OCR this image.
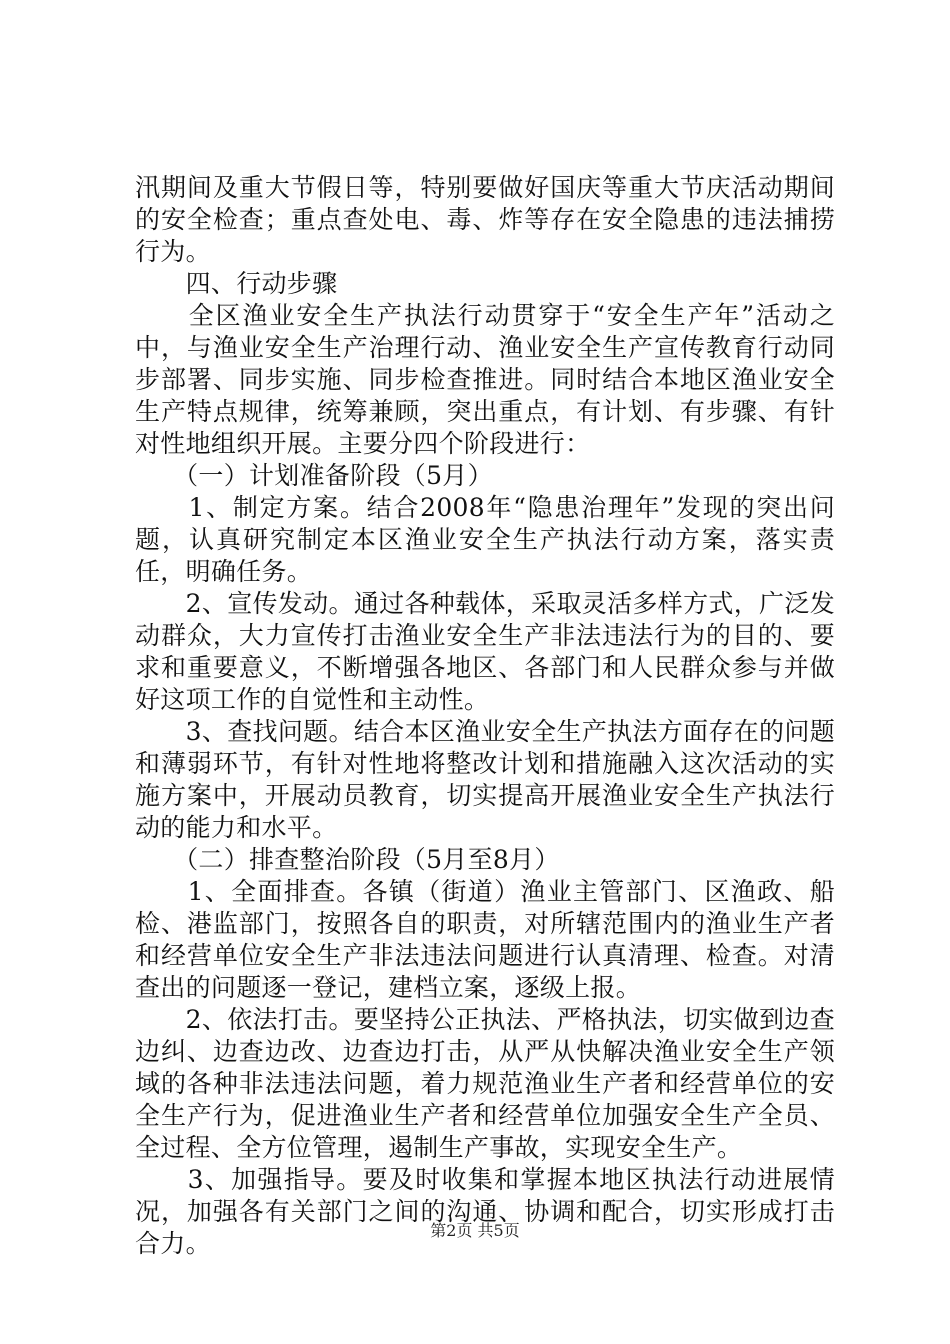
汛期间及重大节假日等，特别要做好国庆等重大节庆活动期间的安全检查；重点查处电、毒、炸等存在安全隐患的违法捕捞行为。

　　四、行动步骤

　　全区渔业安全生产执法行动贯穿于“安全生产年”活动之中，与渔业安全生产治理行动、渔业安全生产宣传教育行动同步部署、同步实施、同步检查推进。同时结合本地区渔业安全生产特点规律，统筹兼顾，突出重点，有计划、有步骤、有针对性地组织开展。主要分四个阶段进行：

　　（一）计划准备阶段（5月）

　　1、制定方案。结合2008年“隐患治理年”发现的突出问题，认真研究制定本区渔业安全生产执法行动方案，落实责任，明确任务。

　　2、宣传发动。通过各种载体，采取灵活多样方式，广泛发动群众，大力宣传打击渔业安全生产非法违法行为的目的、要求和重要意义，不断增强各地区、各部门和人民群众参与并做好这项工作的自觉性和主动性。

　　3、查找问题。结合本区渔业安全生产执法方面存在的问题和薄弱环节，有针对性地将整改计划和措施融入这次活动的实施方案中，开展动员教育，切实提高开展渔业安全生产执法行动的能力和水平。

　　（二）排查整治阶段（5月至8月）

　　1、全面排查。各镇（街道）渔业主管部门、区渔政、船检、港监部门，按照各自的职责，对所辖范围内的渔业生产者和经营单位安全生产非法违法问题进行认真清理、检查。对清查出的问题逐一登记，建档立案，逐级上报。

　　2、依法打击。要坚持公正执法、严格执法，切实做到边查边纠、边查边改、边查边打击，从严从快解决渔业安全生产领域的各种非法违法问题，着力规范渔业生产者和经营单位的安全生产行为，促进渔业生产者和经营单位加强安全生产全员、全过程、全方位管理，遏制生产事故，实现安全生产。

　　3、加强指导。要及时收集和掌握本地区执法行动进展情况，加强各有关部门之间的沟通、协调和配合，切实形成打击合力。	第2页 共5页
